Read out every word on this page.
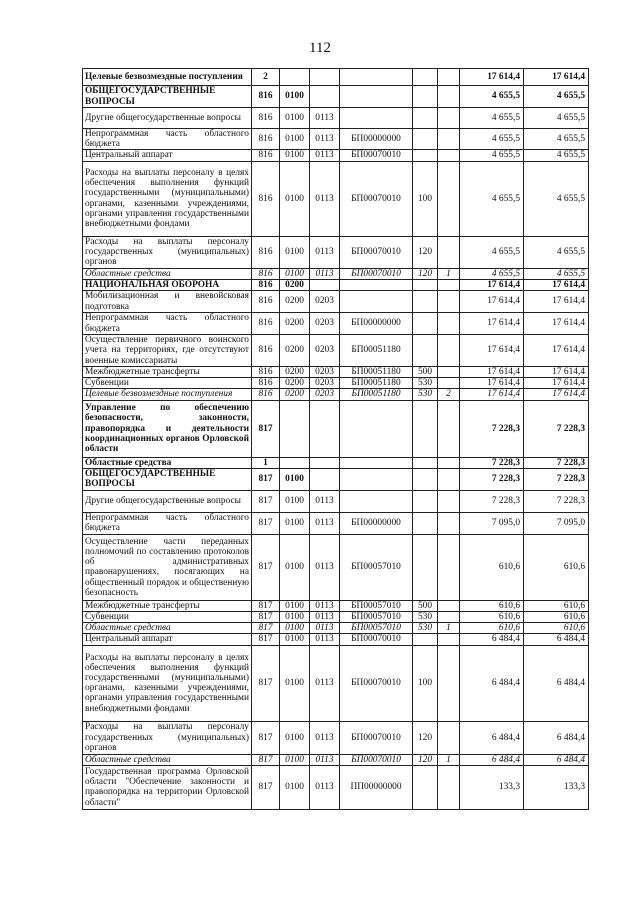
112
Целевые безвозмездные поступления	2						17 614,4	17 614,4
ОБЩЕГОСУДАРСТВЕННЫЕ ВОПРОСЫ	816	0100					4 655,5	4 655,5
Другие общегосударственные вопросы	816	0100	0113				4 655,5	4 655,5
Непрограммная часть областного бюджета	816	0100	0113	БП00000000			4 655,5	4 655,5
Центральный аппарат	816	0100	0113	БП00070010			4 655,5	4 655,5
Расходы на выплаты персоналу в целях обеспечения выполнения функций государственными (муниципальными) органами, казенными учреждениями, органами управления государственными внебюджетными фондами	816	0100	0113	БП00070010	100		4 655,5	4 655,5
Расходы на выплаты персоналу государственных (муниципальных) органов	816	0100	0113	БП00070010	120		4 655,5	4 655,5
Областные средства	816	0100	0113	БП00070010	120	1	4 655,5	4 655,5
НАЦИОНАЛЬНАЯ ОБОРОНА	816	0200					17 614,4	17 614,4
Мобилизационная и вневойсковая подготовка	816	0200	0203				17 614,4	17 614,4
Непрограммная часть областного бюджета	816	0200	0203	БП00000000			17 614,4	17 614,4
Осуществление первичного воинского учета на территориях, где отсутствуют военные комиссариаты	816	0200	0203	БП00051180			17 614,4	17 614,4
Межбюджетные трансферты	816	0200	0203	БП00051180	500		17 614,4	17 614,4
Субвенции	816	0200	0203	БП00051180	530		17 614,4	17 614,4
Целевые безвозмездные поступления	816	0200	0203	БП00051180	530	2	17 614,4	17 614,4
Управление по обеспечению безопасности, законности, правопорядка и деятельности координационных органов Орловской области	817						7 228,3	7 228,3
Областные средства	1						7 228,3	7 228,3
ОБЩЕГОСУДАРСТВЕННЫЕ ВОПРОСЫ	817	0100					7 228,3	7 228,3
Другие общегосударственные вопросы	817	0100	0113				7 228,3	7 228,3
Непрограммная часть областного бюджета	817	0100	0113	БП00000000			7 095,0	7 095,0
Осуществление части переданных полномочий по составлению протоколов об административных правонарушениях, посягающих на общественный порядок и общественную безопасность	817	0100	0113	БП00057010			610,6	610,6
Межбюджетные трансферты	817	0100	0113	БП00057010	500		610,6	610,6
Субвенции	817	0100	0113	БП00057010	530		610,6	610,6
Областные средства	817	0100	0113	БП00057010	530	1	610,6	610,6
Центральный аппарат	817	0100	0113	БП00070010			6 484,4	6 484,4
Расходы на выплаты персоналу в целях обеспечения выполнения функций государственными (муниципальными) органами, казенными учреждениями, органами управления государственными внебюджетными фондами	817	0100	0113	БП00070010	100		6 484,4	6 484,4
Расходы на выплаты персоналу государственных (муниципальных) органов	817	0100	0113	БП00070010	120		6 484,4	6 484,4
Областные средства	817	0100	0113	БП00070010	120	1	6 484,4	6 484,4
Государственная программа Орловской области "Обеспечение законности и правопорядка на территории Орловской области"	817	0100	0113	ПП00000000			133,3	133,3
